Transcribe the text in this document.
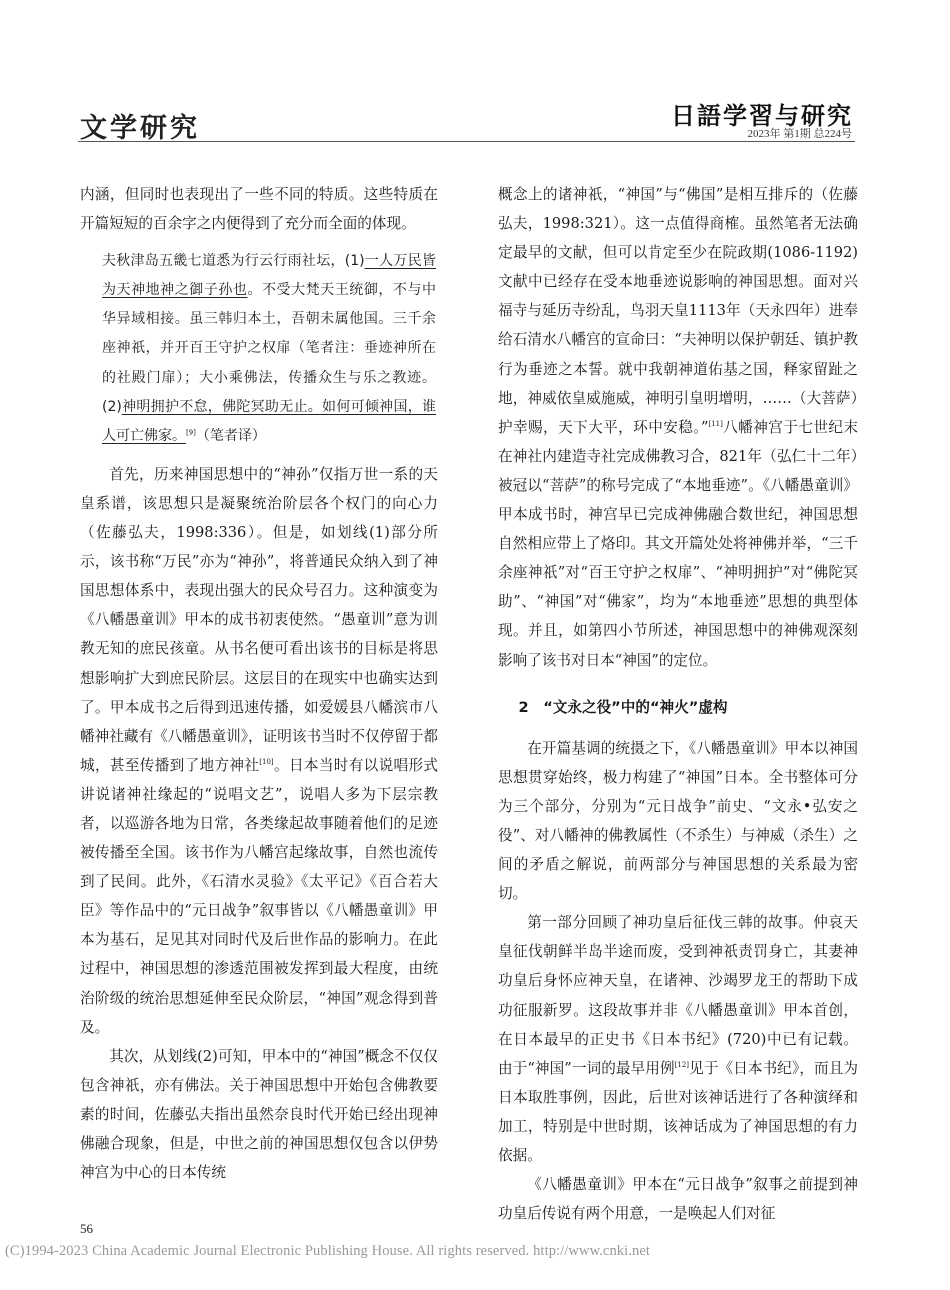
文学研究	日語学習与研究
2023年 第1期 总224号

内涵，但同时也表现出了一些不同的特质。这些特质在开篇短短的百余字之内便得到了充分而全面的体现。

夫秋津岛五畿七道悉为行云行雨社坛，(1)一人万民皆为天神地神之御子孙也。不受大梵天王统御，不与中华异域相接。虽三韩归本土，吾朝未属他国。三千余座神祇，并开百王守护之权扉（笔者注：垂迹神所在的社殿门扉）；大小乘佛法，传播众生与乐之教迹。(2)神明拥护不怠，佛陀冥助无止。如何可倾神国，谁人可亡佛家。[9]（笔者译）

首先，历来神国思想中的“神孙”仅指万世一系的天皇系谱，该思想只是凝聚统治阶层各个权门的向心力（佐藤弘夫，1998:336）。但是，如划线(1)部分所示，该书称“万民”亦为“神孙”，将普通民众纳入到了神国思想体系中，表现出强大的民众号召力。这种演变为《八幡愚童训》甲本的成书初衷使然。“愚童训”意为训教无知的庶民孩童。从书名便可看出该书的目标是将思想影响扩大到庶民阶层。这层目的在现实中也确实达到了。甲本成书之后得到迅速传播，如爱媛县八幡滨市八幡神社藏有《八幡愚童训》，证明该书当时不仅停留于都城，甚至传播到了地方神社[10]。日本当时有以说唱形式讲说诸神社缘起的“说唱文艺”，说唱人多为下层宗教者，以巡游各地为日常，各类缘起故事随着他们的足迹被传播至全国。该书作为八幡宫起缘故事，自然也流传到了民间。此外，《石清水灵验》《太平记》《百合若大臣》等作品中的“元日战争”叙事皆以《八幡愚童训》甲本为基石，足见其对同时代及后世作品的影响力。在此过程中，神国思想的渗透范围被发挥到最大程度，由统治阶级的统治思想延伸至民众阶层，“神国”观念得到普及。

其次，从划线(2)可知，甲本中的“神国”概念不仅仅包含神祇，亦有佛法。关于神国思想中开始包含佛教要素的时间，佐藤弘夫指出虽然奈良时代开始已经出现神佛融合现象，但是，中世之前的神国思想仅包含以伊势神宫为中心的日本传统

概念上的诸神祇，“神国”与“佛国”是相互排斥的（佐藤弘夫，1998:321）。这一点值得商榷。虽然笔者无法确定最早的文献，但可以肯定至少在院政期(1086-1192)文献中已经存在受本地垂迹说影响的神国思想。面对兴福寺与延历寺纷乱，鸟羽天皇1113年（天永四年）进奉给石清水八幡宫的宣命曰：“夫神明以保护朝廷、镇护教行为垂迹之本誓。就中我朝神道佑基之国，释家留趾之地，神威依皇威施威，神明引皇明增明，……（大菩萨）护幸赐，天下大平，环中安稳。”[11]八幡神宫于七世纪末在神社内建造寺社完成佛教习合，821年（弘仁十二年）被冠以“菩萨”的称号完成了“本地垂迹”。《八幡愚童训》甲本成书时，神宫早已完成神佛融合数世纪，神国思想自然相应带上了烙印。其文开篇处处将神佛并举，“三千余座神祇”对“百王守护之权扉”、“神明拥护”对“佛陀冥助”、“神国”对“佛家”，均为“本地垂迹”思想的典型体现。并且，如第四小节所述，神国思想中的神佛观深刻影响了该书对日本“神国”的定位。

2　“文永之役”中的“神火”虚构

在开篇基调的统摄之下，《八幡愚童训》甲本以神国思想贯穿始终，极力构建了“神国”日本。全书整体可分为三个部分，分别为“元日战争”前史、“文永•弘安之役”、对八幡神的佛教属性（不杀生）与神威（杀生）之间的矛盾之解说，前两部分与神国思想的关系最为密切。

第一部分回顾了神功皇后征伐三韩的故事。仲哀天皇征伐朝鲜半岛半途而废，受到神祇责罚身亡，其妻神功皇后身怀应神天皇，在诸神、沙竭罗龙王的帮助下成功征服新罗。这段故事并非《八幡愚童训》甲本首创，在日本最早的正史书《日本书纪》(720)中已有记载。由于“神国”一词的最早用例[12]见于《日本书纪》，而且为日本取胜事例，因此，后世对该神话进行了各种演绎和加工，特别是中世时期，该神话成为了神国思想的有力依据。

《八幡愚童训》甲本在“元日战争”叙事之前提到神功皇后传说有两个用意，一是唤起人们对征

56
(C)1994-2023 China Academic Journal Electronic Publishing House. All rights reserved. http://www.cnki.net
